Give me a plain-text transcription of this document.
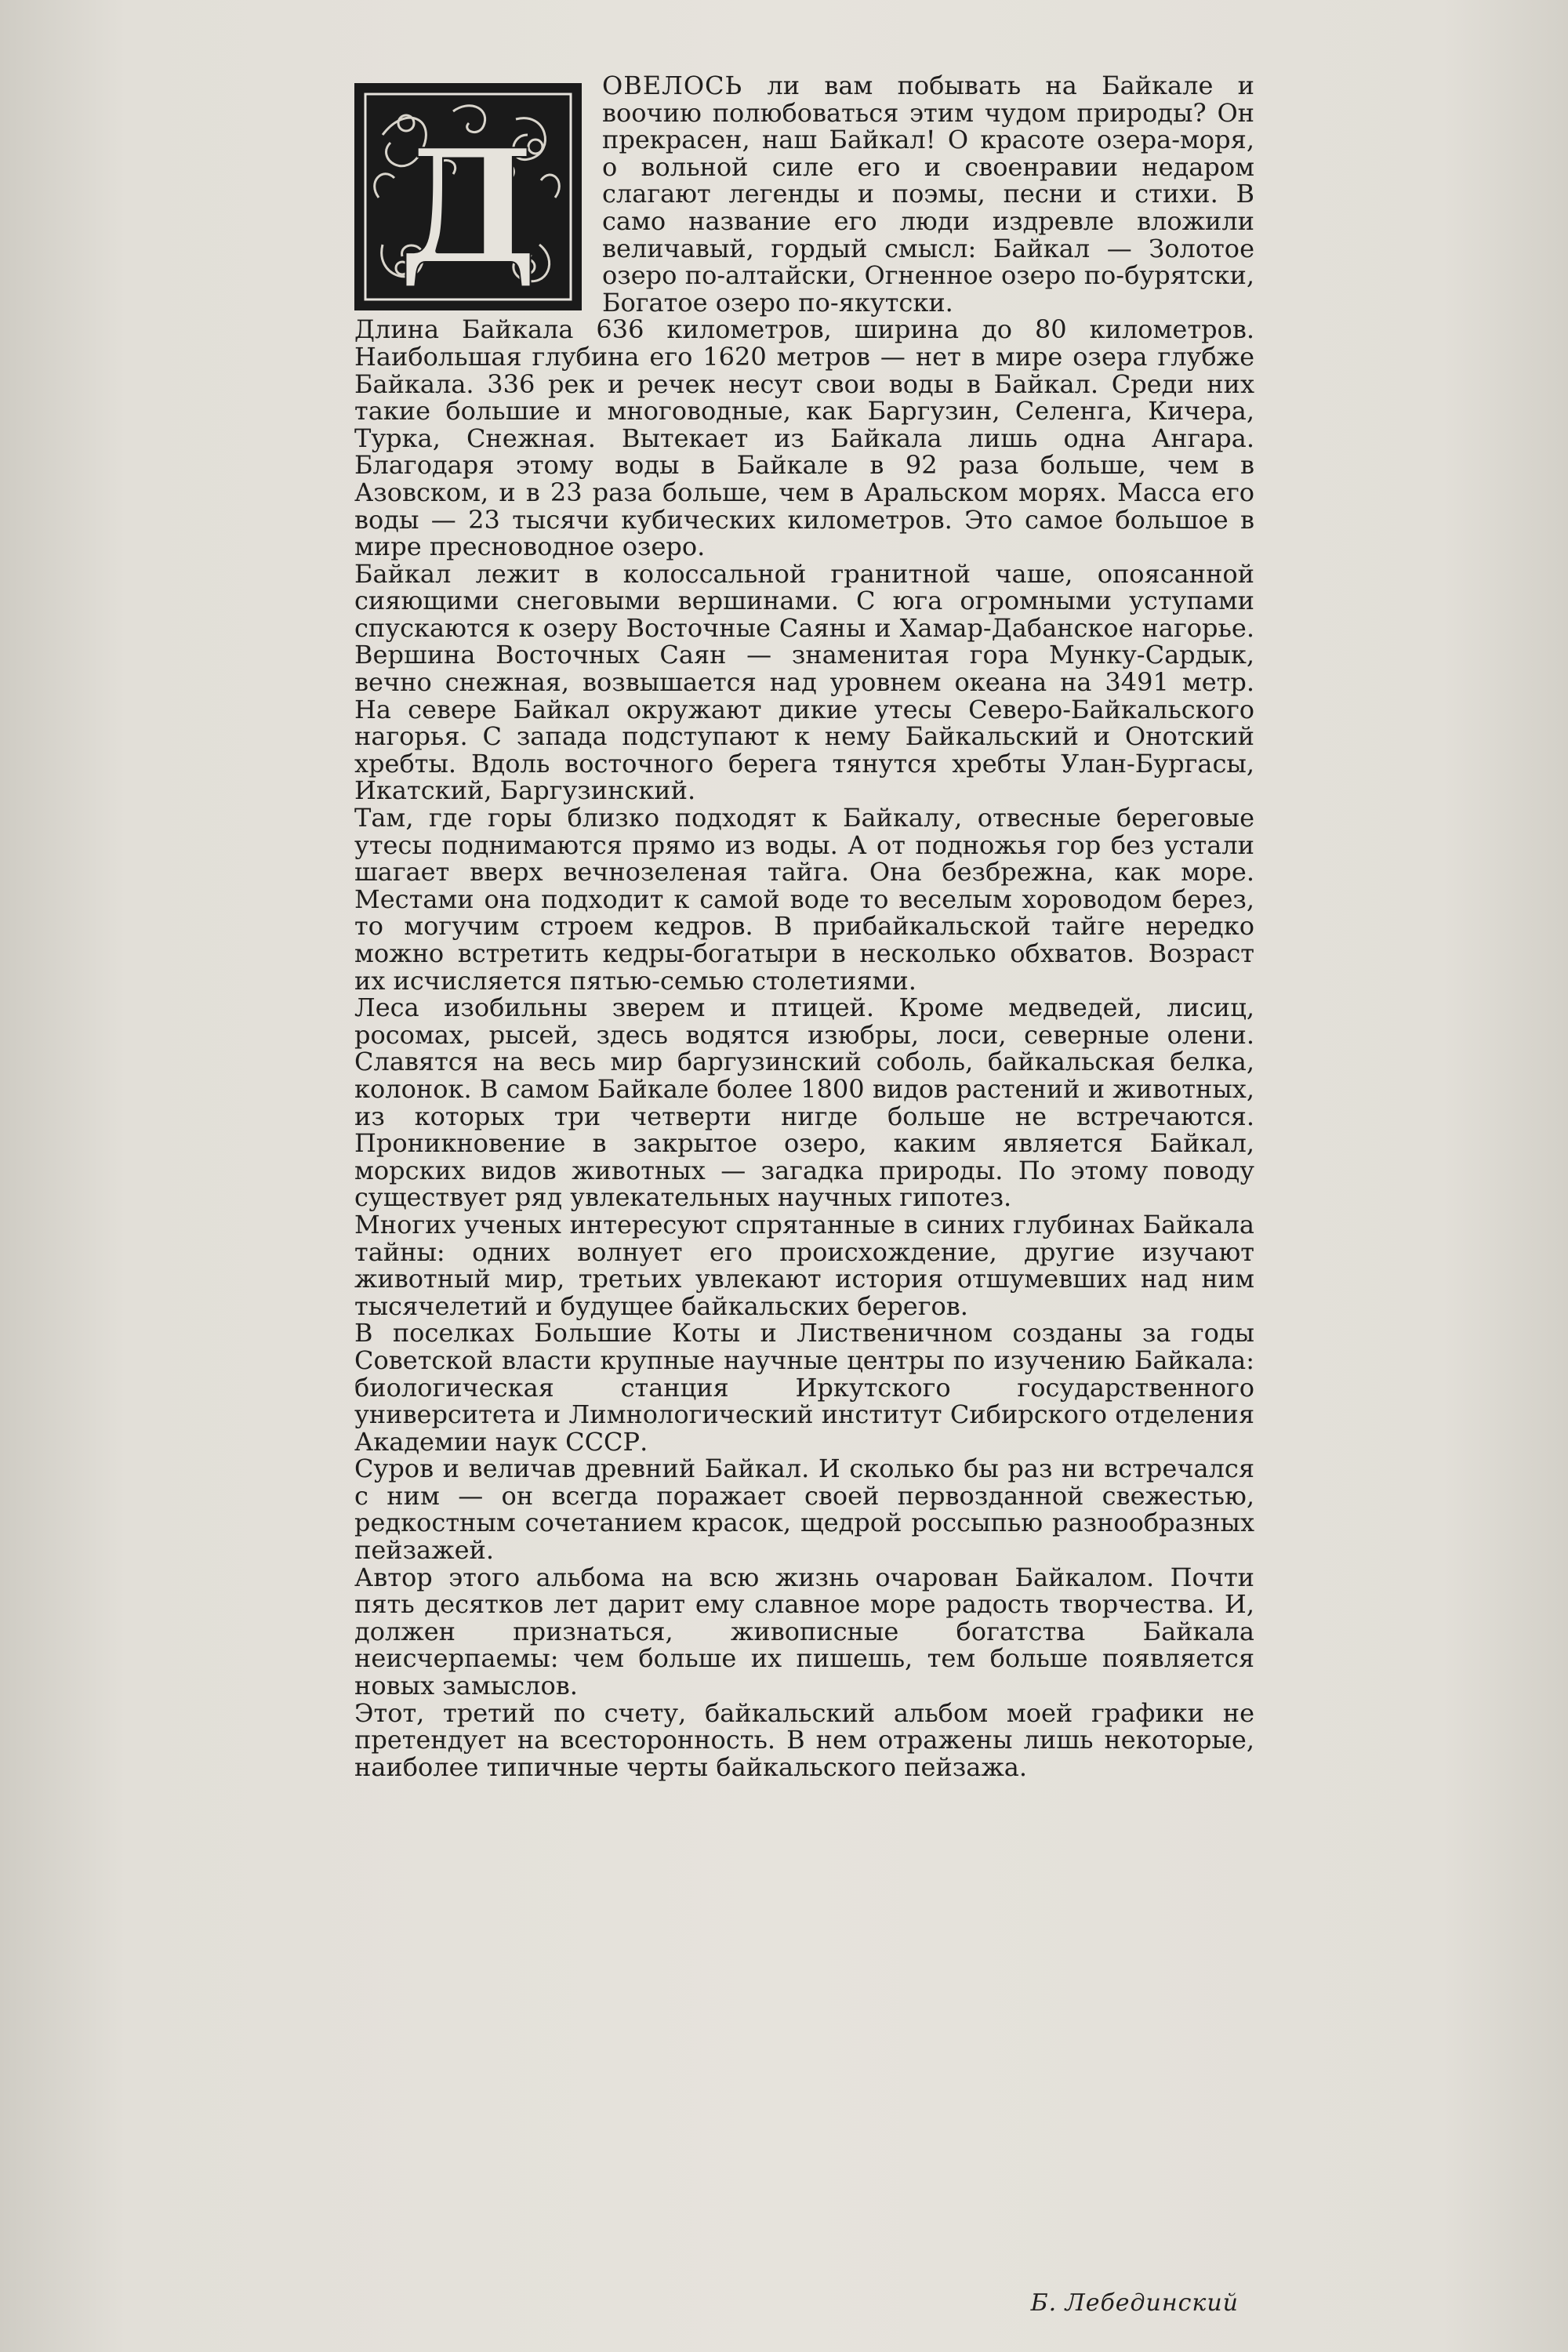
Д

ОВЕЛОСЬ ли вам побывать на Байкале и воочию полюбоваться этим чудом природы? Он прекрасен, наш Байкал! О красоте озера-моря, о вольной силе его и своенравии недаром слагают легенды и поэмы, песни и стихи. В само название его люди издревле вложили величавый, гордый смысл: Байкал — Золотое озеро по-алтайски, Огненное озеро по-бурятски, Богатое озеро по-якутски.

Длина Байкала 636 километров, ширина до 80 километров. Наибольшая глубина его 1620 метров — нет в мире озера глубже Байкала. 336 рек и речек несут свои воды в Байкал. Среди них такие большие и многоводные, как Баргузин, Селенга, Кичера, Турка, Снежная. Вытекает из Байкала лишь одна Ангара. Благодаря этому воды в Байкале в 92 раза больше, чем в Азовском, и в 23 раза больше, чем в Аральском морях. Масса его воды — 23 тысячи кубических километров. Это самое большое в мире пресноводное озеро.

Байкал лежит в колоссальной гранитной чаше, опоясанной сияющими снеговыми вершинами. С юга огромными уступами спускаются к озеру Восточные Саяны и Хамар-Дабанское нагорье. Вершина Восточных Саян — знаменитая гора Мунку-Сардык, вечно снежная, возвышается над уровнем океана на 3491 метр. На севере Байкал окружают дикие утесы Северо-Байкальского нагорья. С запада подступают к нему Байкальский и Онотский хребты. Вдоль восточного берега тянутся хребты Улан-Бургасы, Икатский, Баргузинский.

Там, где горы близко подходят к Байкалу, отвесные береговые утесы поднимаются прямо из воды. А от подножья гор без устали шагает вверх вечнозеленая тайга. Она безбрежна, как море. Местами она подходит к самой воде то веселым хороводом берез, то могучим строем кедров. В прибайкальской тайге нередко можно встретить кедры-богатыри в несколько обхватов. Возраст их исчисляется пятью-семью столетиями.

Леса изобильны зверем и птицей. Кроме медведей, лисиц, росомах, рысей, здесь водятся изюбры, лоси, северные олени. Славятся на весь мир баргузинский соболь, байкальская белка, колонок. В самом Байкале более 1800 видов растений и животных, из которых три четверти нигде больше не встречаются. Проникновение в закрытое озеро, каким является Байкал, морских видов животных — загадка природы. По этому поводу существует ряд увлекательных научных гипотез.

Многих ученых интересуют спрятанные в синих глубинах Байкала тайны: одних волнует его происхождение, другие изучают животный мир, третьих увлекают история отшумевших над ним тысячелетий и будущее байкальских берегов.

В поселках Большие Коты и Лиственичном созданы за годы Советской власти крупные научные центры по изучению Байкала: биологическая станция Иркутского государственного университета и Лимнологический институт Сибирского отделения Академии наук СССР.

Суров и величав древний Байкал. И сколько бы раз ни встречался с ним — он всегда поражает своей первозданной свежестью, редкостным сочетанием красок, щедрой россыпью разнообразных пейзажей.

Автор этого альбома на всю жизнь очарован Байкалом. Почти пять десятков лет дарит ему славное море радость творчества. И, должен признаться, живописные богатства Байкала неисчерпаемы: чем больше их пишешь, тем больше появляется новых замыслов.

Этот, третий по счету, байкальский альбом моей графики не претендует на всесторонность. В нем отражены лишь некоторые, наиболее типичные черты байкальского пейзажа.

Б. Лебединский
